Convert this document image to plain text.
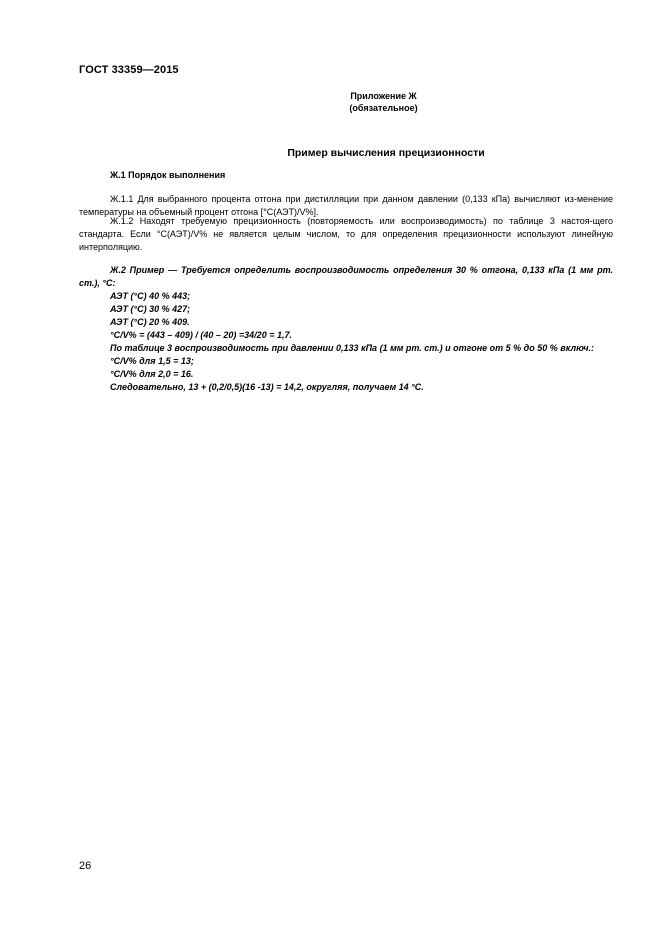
ГОСТ 33359—2015
Приложение Ж
(обязательное)
Пример вычисления прецизионности
Ж.1 Порядок выполнения

Ж.1.1 Для выбранного процента отгона при дистилляции при данном давлении (0,133 кПа) вычисляют из-менение температуры на объемный процент отгона [°С(АЭТ)/V%].

Ж.1.2 Находят требуемую прецизионность (повторяемость или воспроизводимость) по таблице 3 настоя-щего стандарта. Если °С(АЭТ)/V% не является целым числом, то для определения прецизионности используют линейную интерполяцию.

Ж.2 Пример — Требуется определить воспроизводимость определения 30 % отгона, 0,133 кПа (1 мм рт. ст.), °С:

АЭТ (°С) 40 % 443;

АЭТ (°С) 30 % 427;

АЭТ (°С) 20 % 409.

°С/V% = (443 – 409) / (40 – 20) =34/20 = 1,7.

По таблице 3 воспроизводимость при давлении 0,133 кПа (1 мм рт. ст.) и отгоне от 5 % до 50 % включ.:

°С/V% для 1,5 = 13;

°С/V% для 2,0 = 16.

Следовательно, 13 + (0,2/0,5)(16 -13) = 14,2, округляя, получаем 14 °С.

26
